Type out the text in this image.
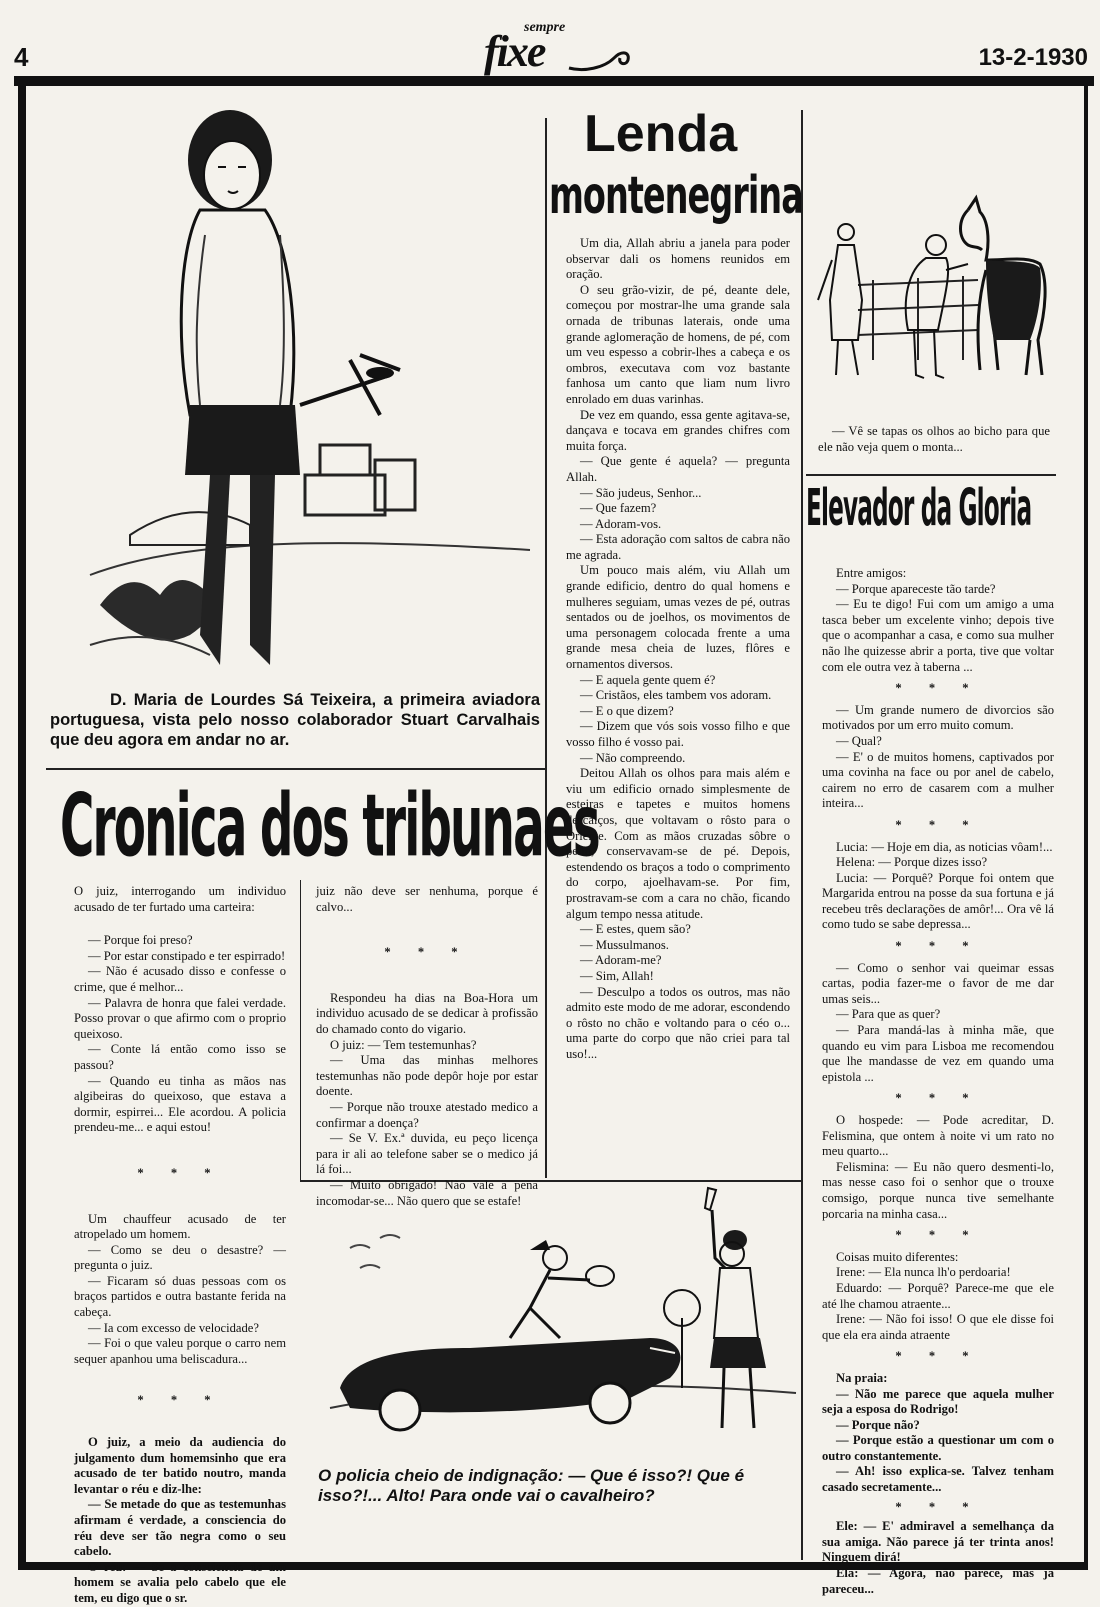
4
sempre
fixe	13-2-1930

D. Maria de Lourdes Sá Teixeira, a primeira aviadora portuguesa, vista pelo nosso colaborador Stuart Carvalhais que deu agora em andar no ar.

Cronica dos tribunaes

O juiz, interrogando um individuo acusado de ter furtado uma carteira:

— Porque foi preso?

— Por estar constipado e ter espirrado!

— Não é acusado disso e confesse o crime, que é melhor...

— Palavra de honra que falei verdade. Posso provar o que afirmo com o proprio queixoso.

— Conte lá então como isso se passou?

— Quando eu tinha as mãos nas algibeiras do queixoso, que estava a dormir, espirrei... Ele acordou. A policia prendeu-me... e aqui estou!

* * *

Um chauffeur acusado de ter atropelado um homem.

— Como se deu o desastre? — pregunta o juiz.

— Ficaram só duas pessoas com os braços partidos e outra bastante ferida na cabeça.

— Ia com excesso de velocidade?

— Foi o que valeu porque o carro nem sequer apanhou uma beliscadura...

* * *

O juiz, a meio da audiencia do julgamento dum homemsinho que era acusado de ter batido noutro, manda levantar o réu e diz-lhe:

— Se metade do que as testemunhas afirmam é verdade, a consciencia do réu deve ser tão negra como o seu cabelo.

O réu: — Se a consciencia de um homem se avalia pelo cabelo que ele tem, eu digo que o sr.

juiz não deve ser nenhuma, porque é calvo...

* * *

Respondeu ha dias na Boa-Hora um individuo acusado de se dedicar à profissão do chamado conto do vigario.

O juiz: — Tem testemunhas?

— Uma das minhas melhores testemunhas não pode depôr hoje por estar doente.

— Porque não trouxe atestado medico a confirmar a doença?

— Se V. Ex.ª duvida, eu peço licença para ir ali ao telefone saber se o medico já lá foi...

— Muito obrigado! Não vale a pena incomodar-se... Não quero que se estafe!

Lenda
montenegrina

Um dia, Allah abriu a janela para poder observar dali os homens reunidos em oração.

O seu grão-vizir, de pé, deante dele, começou por mostrar-lhe uma grande sala ornada de tribunas laterais, onde uma grande aglomeração de homens, de pé, com um veu espesso a cobrir-lhes a cabeça e os ombros, executava com voz bastante fanhosa um canto que liam num livro enrolado em duas varinhas.

De vez em quando, essa gente agitava-se, dançava e tocava em grandes chifres com muita força.

— Que gente é aquela? — pregunta Allah.

— São judeus, Senhor...

— Que fazem?

— Adoram-vos.

— Esta adoração com saltos de cabra não me agrada.

Um pouco mais além, viu Allah um grande edificio, dentro do qual homens e mulheres seguiam, umas vezes de pé, outras sentados ou de joelhos, os movimentos de uma personagem colocada frente a uma grande mesa cheia de luzes, flôres e ornamentos diversos.

— E aquela gente quem é?

— Cristãos, eles tambem vos adoram.

— E o que dizem?

— Dizem que vós sois vosso filho e que vosso filho é vosso pai.

— Não compreendo.

Deitou Allah os olhos para mais além e viu um edificio ornado simplesmente de esteiras e tapetes e muitos homens descalços, que voltavam o rôsto para o Oriente. Com as mãos cruzadas sôbre o peito, conservavam-se de pé. Depois, estendendo os braços a todo o comprimento do corpo, ajoelhavam-se. Por fim, prostravam-se com a cara no chão, ficando algum tempo nessa atitude.

— E estes, quem são?

— Mussulmanos.

— Adoram-me?

— Sim, Allah!

— Desculpo a todos os outros, mas não admito este modo de me adorar, escondendo o rôsto no chão e voltando para o céo o... uma parte do corpo que não criei para tal uso!...

— Vê se tapas os olhos ao bicho para que ele não veja quem o monta...
Elevador da Gloria

Entre amigos:

— Porque apareceste tão tarde?

— Eu te digo! Fui com um amigo a uma tasca beber um excelente vinho; depois tive que o acompanhar a casa, e como sua mulher não lhe quizesse abrir a porta, tive que voltar com ele outra vez à taberna ...

* * *

— Um grande numero de divorcios são motivados por um erro muito comum.

— Qual?

— E' o de muitos homens, captivados por uma covinha na face ou por anel de cabelo, cairem no erro de casarem com a mulher inteira...

* * *

Lucia: — Hoje em dia, as noticias vôam!...

Helena: — Porque dizes isso?

Lucia: — Porquê? Porque foi ontem que Margarida entrou na posse da sua fortuna e já recebeu três declarações de amôr!... Ora vê lá como tudo se sabe depressa...

* * *

— Como o senhor vai queimar essas cartas, podia fazer-me o favor de me dar umas seis...

— Para que as quer?

— Para mandá-las à minha mãe, que quando eu vim para Lisboa me recomendou que lhe mandasse de vez em quando uma epistola ...

* * *

O hospede: — Pode acreditar, D. Felismina, que ontem à noite vi um rato no meu quarto...

Felismina: — Eu não quero desmenti-lo, mas nesse caso foi o senhor que o trouxe comsigo, porque nunca tive semelhante porcaria na minha casa...

* * *

Coisas muito diferentes:

Irene: — Ela nunca lh'o perdoaria!

Eduardo: — Porquê? Parece-me que ele até lhe chamou atraente...

Irene: — Não foi isso! O que ele disse foi que ela era ainda atraente

* * *

Na praia:

— Não me parece que aquela mulher seja a esposa do Rodrigo!

— Porque não?

— Porque estão a questionar um com o outro constantemente.

— Ah! isso explica-se. Talvez tenham casado secretamente...

* * *

Ele: — E' admiravel a semelhança da sua amiga. Não parece já ter trinta anos! Ninguem dirá!

Ela: — Agora, não parece, mas já pareceu...

O policia cheio de indignação: — Que é isso?! Que é isso?!... Alto! Para onde vai o cavalheiro?
